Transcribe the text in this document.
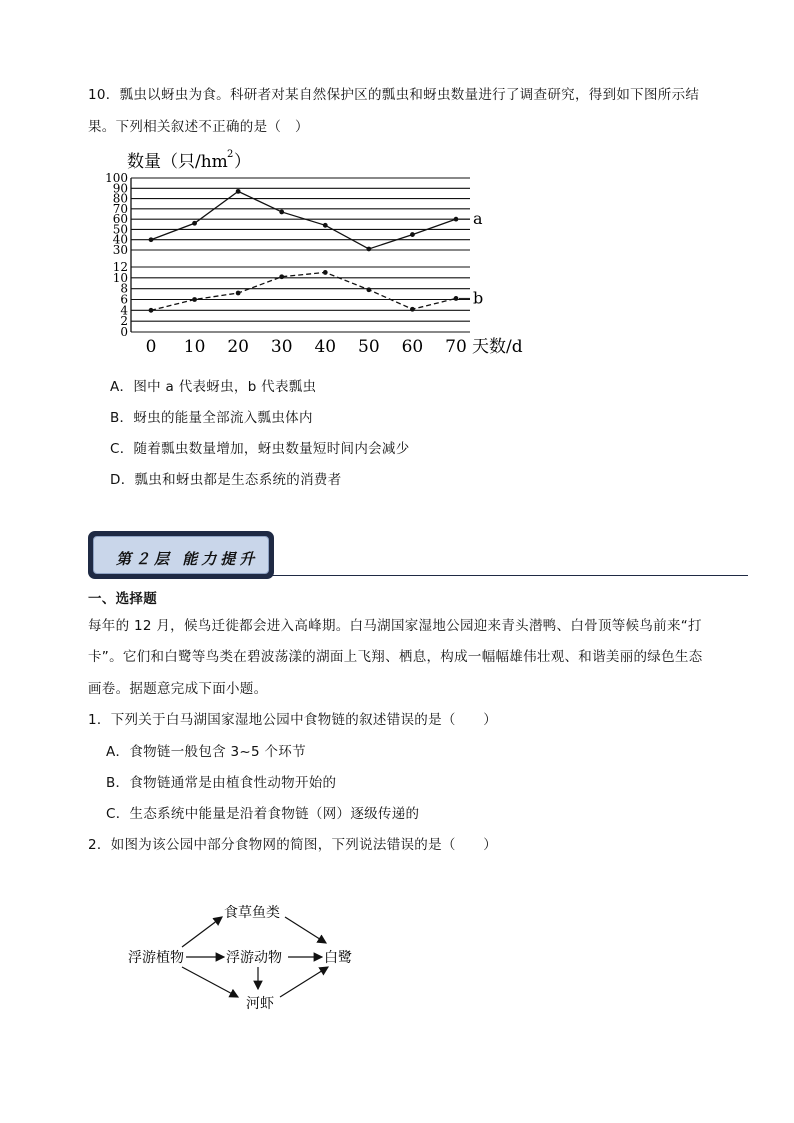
10．瓢虫以蚜虫为食。科研者对某自然保护区的瓢虫和蚜虫数量进行了调查研究，得到如下图所示结
果。下列相关叙述不正确的是（　）
数量（只/hm 2 ）
100
90
80
70
60
50
40
30
12
10
8
6
4
2
0
0 10 20 30 40 50 60 70
a
b
天数/d
A．图中 a 代表蚜虫，b 代表瓢虫
B．蚜虫的能量全部流入瓢虫体内
C．随着瓢虫数量增加，蚜虫数量短时间内会减少
D．瓢虫和蚜虫都是生态系统的消费者
第２层 能力提升
一、选择题
每年的 12 月，候鸟迁徙都会进入高峰期。白马湖国家湿地公园迎来青头潜鸭、白骨顶等候鸟前来“打
卡”。它们和白鹭等鸟类在碧波荡漾的湖面上飞翔、栖息，构成一幅幅雄伟壮观、和谐美丽的绿色生态
画卷。据题意完成下面小题。
1．下列关于白马湖国家湿地公园中食物链的叙述错误的是（　　）
A．食物链一般包含 3~5 个环节
B．食物链通常是由植食性动物开始的
C．生态系统中能量是沿着食物链（网）逐级传递的
2．如图为该公园中部分食物网的简图，下列说法错误的是（　　）
浮游植物
食草鱼类
浮游动物	白鹭
河虾
